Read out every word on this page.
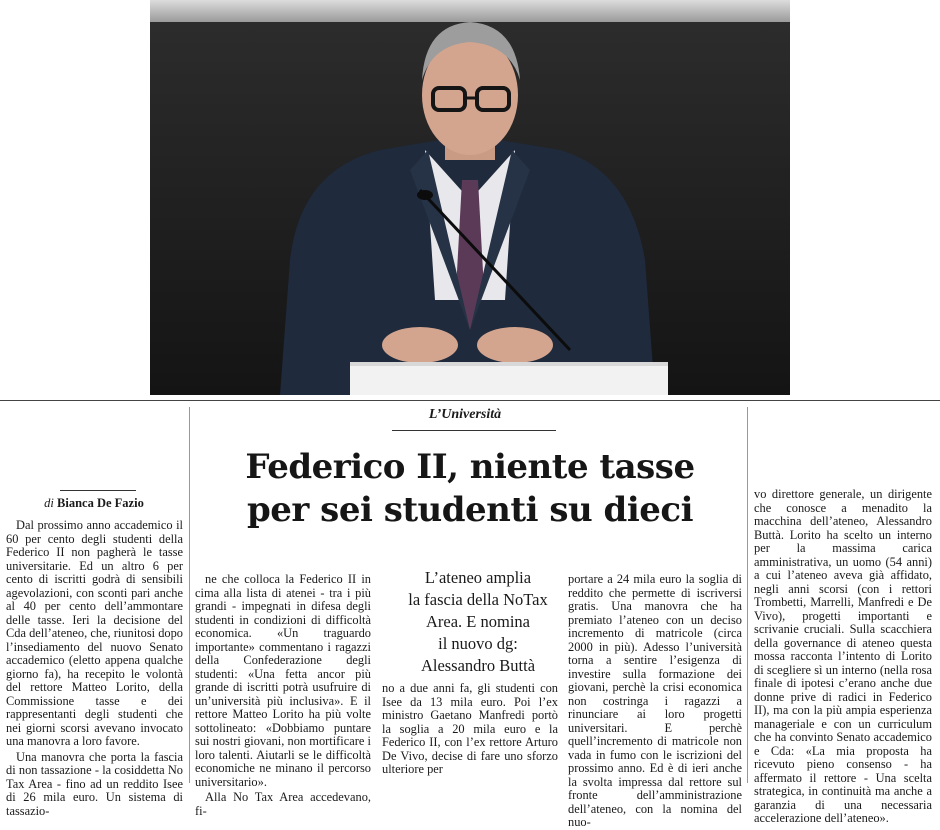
L’Università
Federico II, niente tasse
per sei studenti su dieci
di Bianca De Fazio
L’ateneo amplia
la fascia della NoTax
Area. E nomina
il nuovo dg:
Alessandro Buttà

Dal prossimo anno accademico il 60 per cento degli studenti della Federico II non pagherà le tasse universitarie. Ed un altro 6 per cento di iscritti godrà di sensibili agevolazioni, con sconti pari anche al 40 per cento dell’ammontare delle tasse. Ieri la decisione del Cda dell’ateneo, che, riunitosi dopo l’insediamento del nuovo Senato accademico (eletto appena qualche giorno fa), ha recepito le volontà del rettore Matteo Lorito, della Commissione tasse e dei rappresentanti degli studenti che nei giorni scorsi avevano invocato una manovra a loro favore.

Una manovra che porta la fascia di non tassazione - la cosiddetta No Tax Area - fino ad un reddito Isee di 26 mila euro. Un sistema di tassazio-

ne che colloca la Federico II in cima alla lista di atenei - tra i più grandi - impegnati in difesa degli studenti in condizioni di difficoltà economica. «Un traguardo importante» commentano i ragazzi della Confederazione degli studenti: «Una fetta ancor più grande di iscritti potrà usufruire di un’università più inclusiva». E il rettore Matteo Lorito ha più volte sottolineato: «Dobbiamo puntare sui nostri giovani, non mortificare i loro talenti. Aiutarli se le difficoltà economiche ne minano il percorso universitario».

Alla No Tax Area accedevano, fi-

no a due anni fa, gli studenti con Isee da 13 mila euro. Poi l’ex ministro Gaetano Manfredi portò la soglia a 20 mila euro e la Federico II, con l’ex rettore Arturo De Vivo, decise di fare uno sforzo ulteriore per

portare a 24 mila euro la soglia di reddito che permette di iscriversi gratis. Una manovra che ha premiato l’ateneo con un deciso incremento di matricole (circa 2000 in più). Adesso l’università torna a sentire l’esigenza di investire sulla formazione dei giovani, perchè la crisi economica non costringa i ragazzi a rinunciare ai loro progetti universitari. E perchè quell’incremento di matricole non vada in fumo con le iscrizioni del prossimo anno. Ed è di ieri anche la svolta impressa dal rettore sul fronte dell’amministrazione dell’ateneo, con la nomina del nuo-

vo direttore generale, un dirigente che conosce a menadito la macchina dell’ateneo, Alessandro Buttà. Lorito ha scelto un interno per la massima carica amministrativa, un uomo (54 anni) a cui l’ateneo aveva già affidato, negli anni scorsi (con i rettori Trombetti, Marrelli, Manfredi e De Vivo), progetti importanti e scrivanie cruciali. Sulla scacchiera della governance di ateneo questa mossa racconta l’intento di Lorito di scegliere sì un interno (nella rosa finale di ipotesi c’erano anche due donne prive di radici in Federico II), ma con la più ampia esperienza manageriale e con un curriculum che ha convinto Senato accademico e Cda: «La mia proposta ha ricevuto pieno consenso - ha affermato il rettore - Una scelta strategica, in continuità ma anche a garanzia di una necessaria accelerazione dell’ateneo».
